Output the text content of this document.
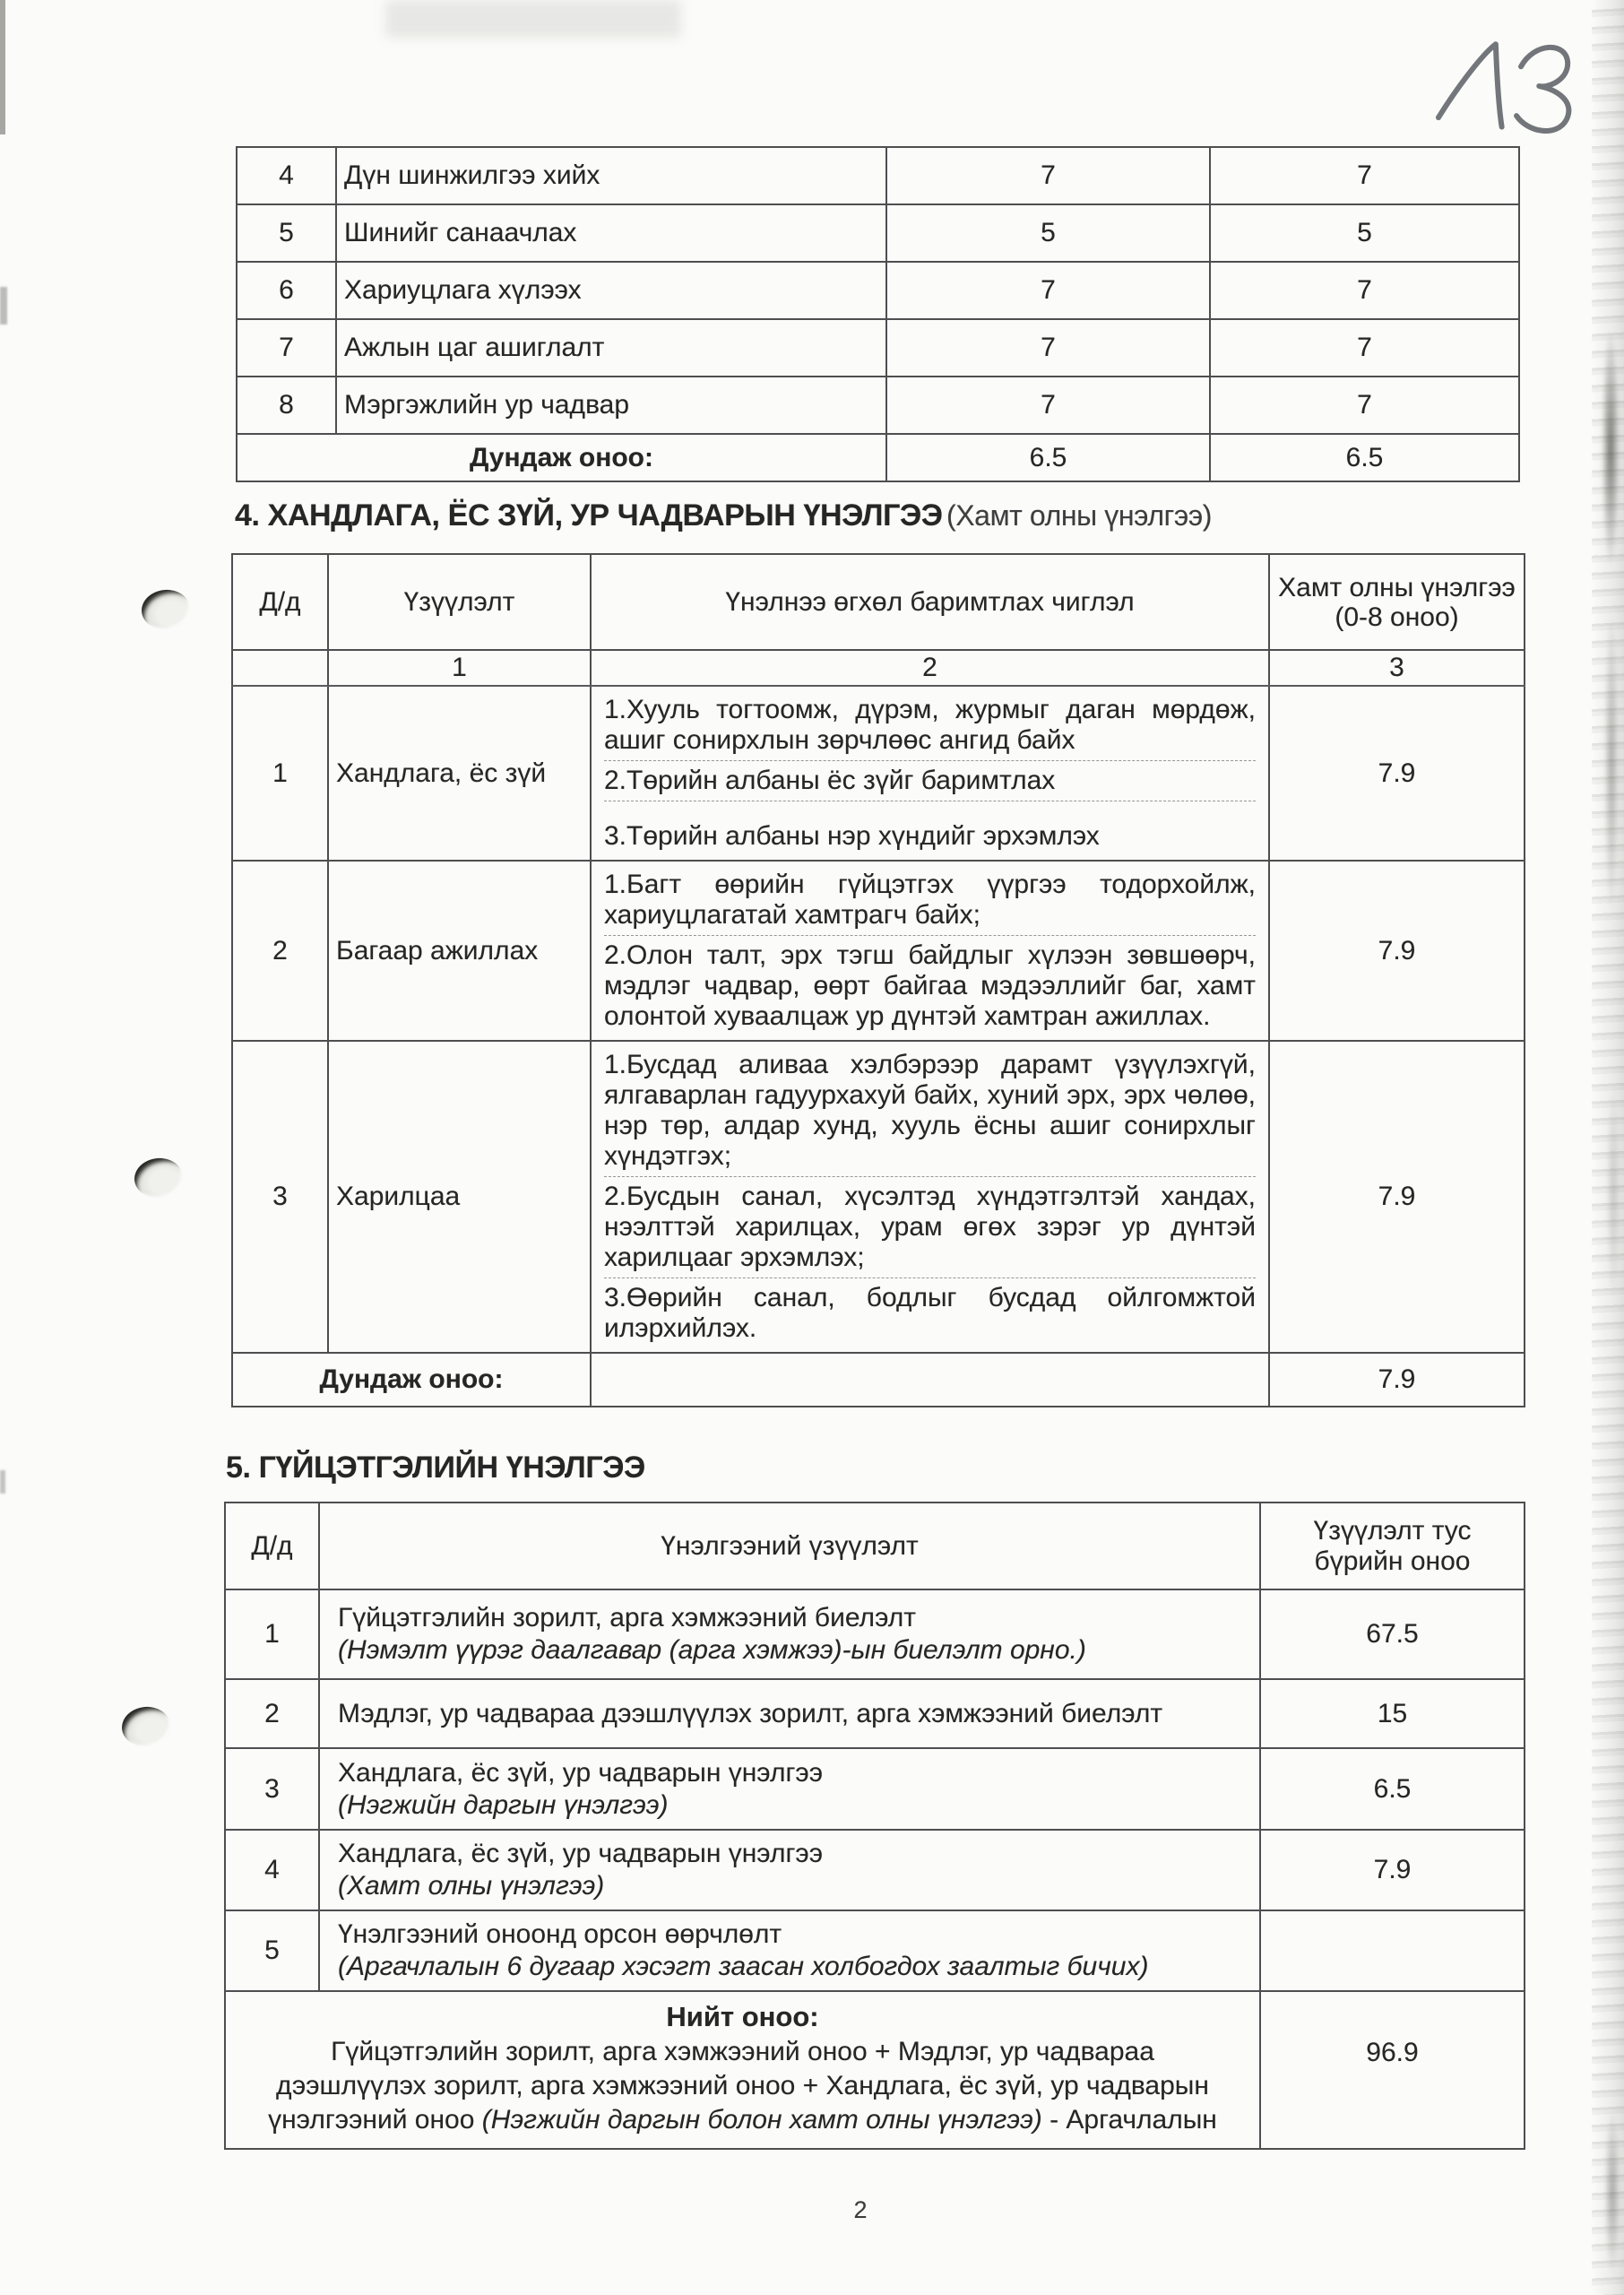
4	Дүн шинжилгээ хийх	7	7
5	Шинийг санаачлах	5	5
6	Хариуцлага хүлээх	7	7
7	Ажлын цаг ашиглалт	7	7
8	Мэргэжлийн ур чадвар	7	7
Дундаж оноо:		6.5	6.5
4. ХАНДЛАГА, ЁС ЗҮЙ, УР ЧАДВАРЫН ҮНЭЛГЭЭ (Хамт олны үнэлгээ)
Д/д	Үзүүлэлт	Үнэлнээ өгхөл баримтлах чиглэл	Хамт олны үнэлгээ (0-8 оноо)
	1	2	3
1	Хандлага, ёс зүй	1.Хууль тогтоомж, дүрэм, журмыг даган мөрдөж, ашиг сонирхлын зөрчлөөс ангид байх
2.Төрийн албаны ёс зүйг баримтлах
3.Төрийн албаны нэр хүндийг эрхэмлэх	7.9
2	Багаар ажиллах	1.Багт өөрийн гүйцэтгэх үүргээ тодорхойлж, хариуцлагатай хамтрагч байх;
2.Олон талт, эрх тэгш байдлыг хүлээн зөвшөөрч, мэдлэг чадвар, өөрт байгаа мэдээллийг баг, хамт олонтой хуваалцаж ур дүнтэй хамтран ажиллах.	7.9
3	Харилцаа	1.Бусдад аливаа хэлбэрээр дарамт үзүүлэхгүй, ялгаварлан гадуурхахуй байх, хуний эрх, эрх чөлөө, нэр төр, алдар хунд, хууль ёсны ашиг сонирхлыг хүндэтгэх;
2.Бусдын санал, хүсэлтэд хүндэтгэлтэй хандах, нээлттэй харилцах, урам өгөх зэрэг ур дүнтэй харилцааг эрхэмлэх;
3.Өөрийн санал, бодлыг бусдад ойлгомжтой илэрхийлэх.	7.9
Дундаж оноо:			7.9
5. ГҮЙЦЭТГЭЛИЙН ҮНЭЛГЭЭ
Д/д	Үнэлгээний үзүүлэлт	Үзүүлэлт тус бүрийн оноо
1	Гүйцэтгэлийн зорилт, арга хэмжээний биелэлт
(Нэмэлт үүрэг даалгавар (арга хэмжээ)-ын биелэлт орно.)	67.5
2	Мэдлэг, ур чадвараа дээшлүүлэх зорилт, арга хэмжээний биелэлт	15
3	Хандлага, ёс зүй, ур чадварын үнэлгээ
(Нэгжийн даргын үнэлгээ)	6.5
4	Хандлага, ёс зүй, ур чадварын үнэлгээ
(Хамт олны үнэлгээ)	7.9
5	Үнэлгээний оноонд орсон өөрчлөлт
(Аргачлалын 6 дугаар хэсэгт заасан холбогдох заалтыг бичих)	

Нийт оноо:
Гүйцэтгэлийн зорилт, арга хэмжээний оноо + Мэдлэг, ур чадвараа дээшлүүлэх зорилт, арга хэмжээний оноо + Хандлага, ёс зүй, ур чадварын үнэлгээний оноо (Нэгжийн даргын болон хамт олны үнэлгээ) - Аргачлалын		96.9
2
